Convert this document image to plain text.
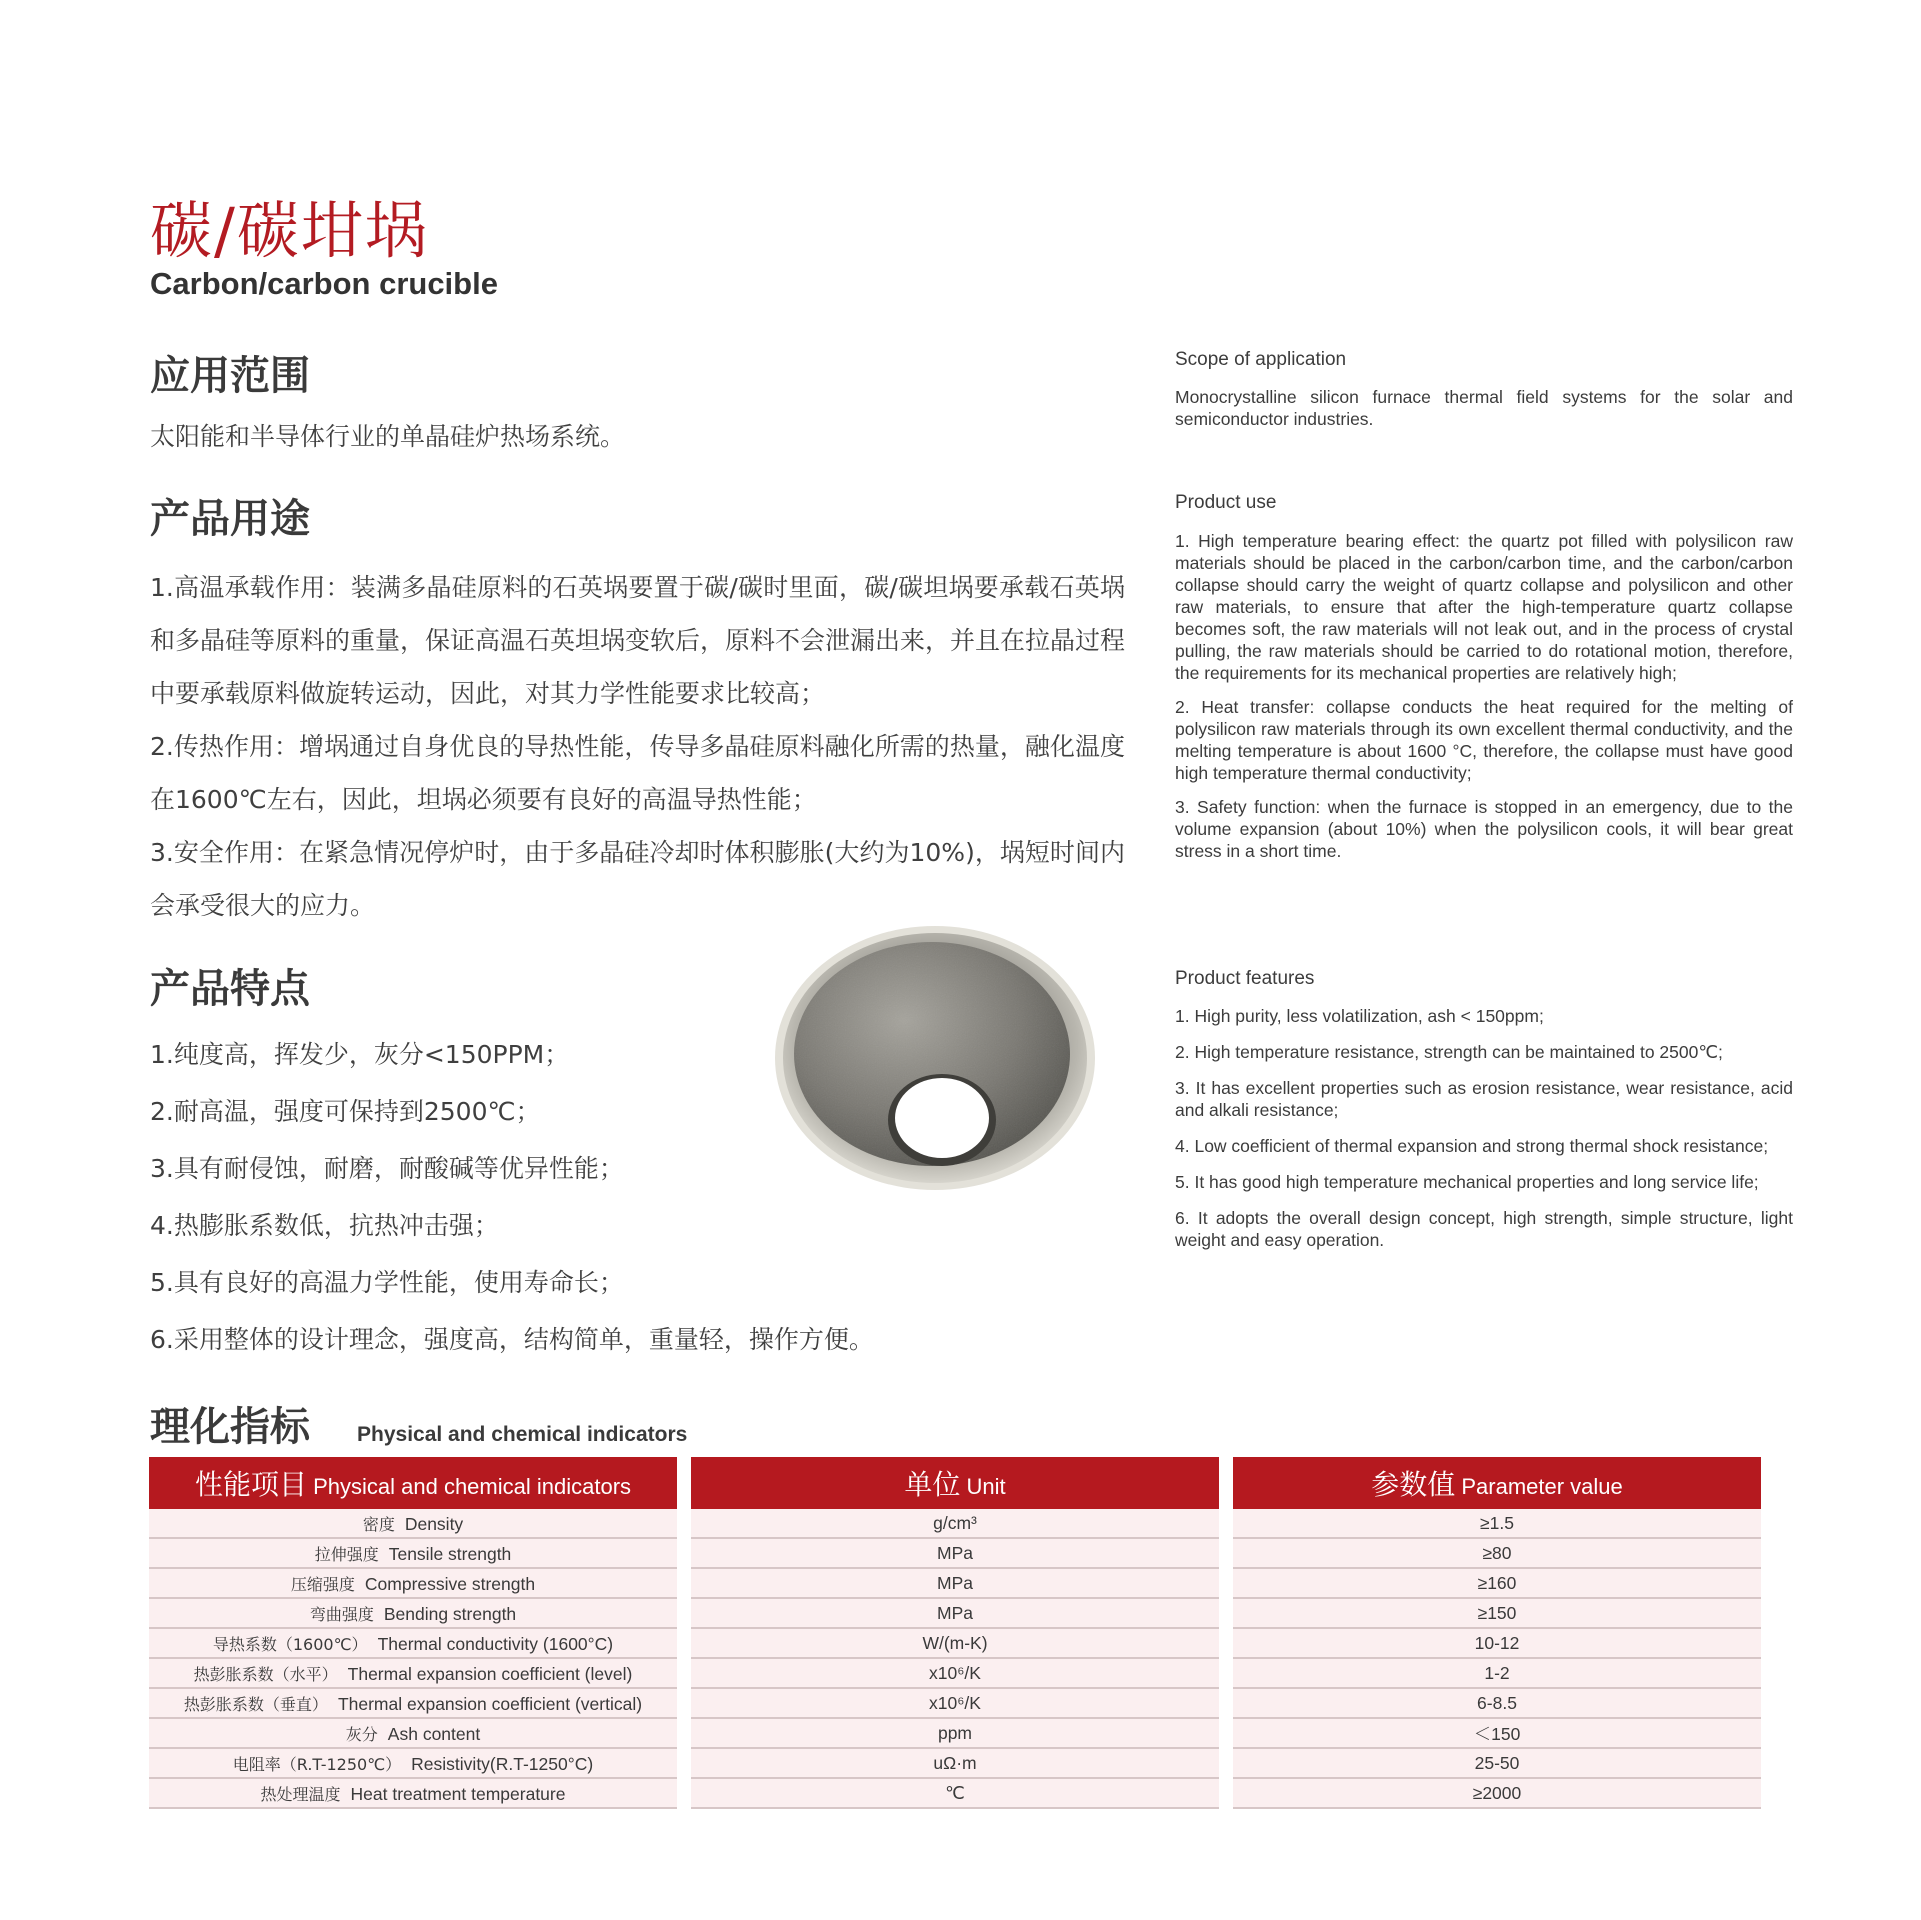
碳/碳坩埚
Carbon/carbon crucible
应用范围
太阳能和半导体行业的单晶硅炉热场系统。
产品用途

1.高温承载作用：装满多晶硅原料的石英埚要置于碳/碳时里面，碳/碳坦埚要承载石英埚和多晶硅等原料的重量，保证高温石英坦埚变软后，原料不会泄漏出来，并且在拉晶过程中要承载原料做旋转运动，因此，对其力学性能要求比较高；

2.传热作用：增埚通过自身优良的导热性能，传导多晶硅原料融化所需的热量，融化温度在1600℃左右，因此，坦埚必须要有良好的高温导热性能；

3.安全作用：在紧急情况停炉时，由于多晶硅冷却时体积膨胀(大约为10%)，埚短时间内会承受很大的应力。

产品特点

1.纯度高，挥发少，灰分<150PPM；

2.耐高温，强度可保持到2500℃；

3.具有耐侵蚀，耐磨，耐酸碱等优异性能；

4.热膨胀系数低，抗热冲击强；

5.具有良好的高温力学性能，使用寿命长；

6.采用整体的设计理念，强度高，结构简单，重量轻，操作方便。

Scope of application

Monocrystalline silicon furnace thermal field systems for the solar and semiconductor industries.

Product use

1. High temperature bearing effect: the quartz pot filled with polysilicon raw materials should be placed in the carbon/carbon time, and the carbon/carbon collapse should carry the weight of quartz collapse and polysilicon and other raw materials, to ensure that after the high-temperature quartz collapse becomes soft, the raw materials will not leak out, and in the process of crystal pulling, the raw materials should be carried to do rotational motion, therefore, the requirements for its mechanical properties are relatively high;

2. Heat transfer: collapse conducts the heat required for the melting of polysilicon raw materials through its own excellent thermal conductivity, and the melting temperature is about 1600 °C, therefore, the collapse must have good high temperature thermal conductivity;

3. Safety function: when the furnace is stopped in an emergency, due to the volume expansion (about 10%) when the polysilicon cools, it will bear great stress in a short time.

Product features

1. High purity, less volatilization, ash < 150ppm;

2. High temperature resistance, strength can be maintained to 2500℃;

3. It has excellent properties such as erosion resistance, wear resistance, acid and alkali resistance;

4. Low coefficient of thermal expansion and strong thermal shock resistance;

5. It has good high temperature mechanical properties and long service life;

6. It adopts the overall design concept, high strength, simple structure, light weight and easy operation.

理化指标 Physical and chemical indicators
性能项目 Physical and chemical indicators	单位 Unit	参数值 Parameter value
密度 Density	g/cm³	≥1.5
拉伸强度 Tensile strength	MPa	≥80
压缩强度 Compressive strength	MPa	≥160
弯曲强度 Bending strength	MPa	≥150
导热系数（1600℃） Thermal conductivity (1600°C)	W/(m-K)	10-12
热彭胀系数（水平） Thermal expansion coefficient (level)	x10⁶/K	1-2
热彭胀系数（垂直） Thermal expansion coefficient (vertical)	x10⁶/K	6-8.5
灰分 Ash content	ppm	＜150
电阻率（R.T-1250℃） Resistivity(R.T-1250°C)	uΩ·m	25-50
热处理温度 Heat treatment temperature	℃	≥2000
